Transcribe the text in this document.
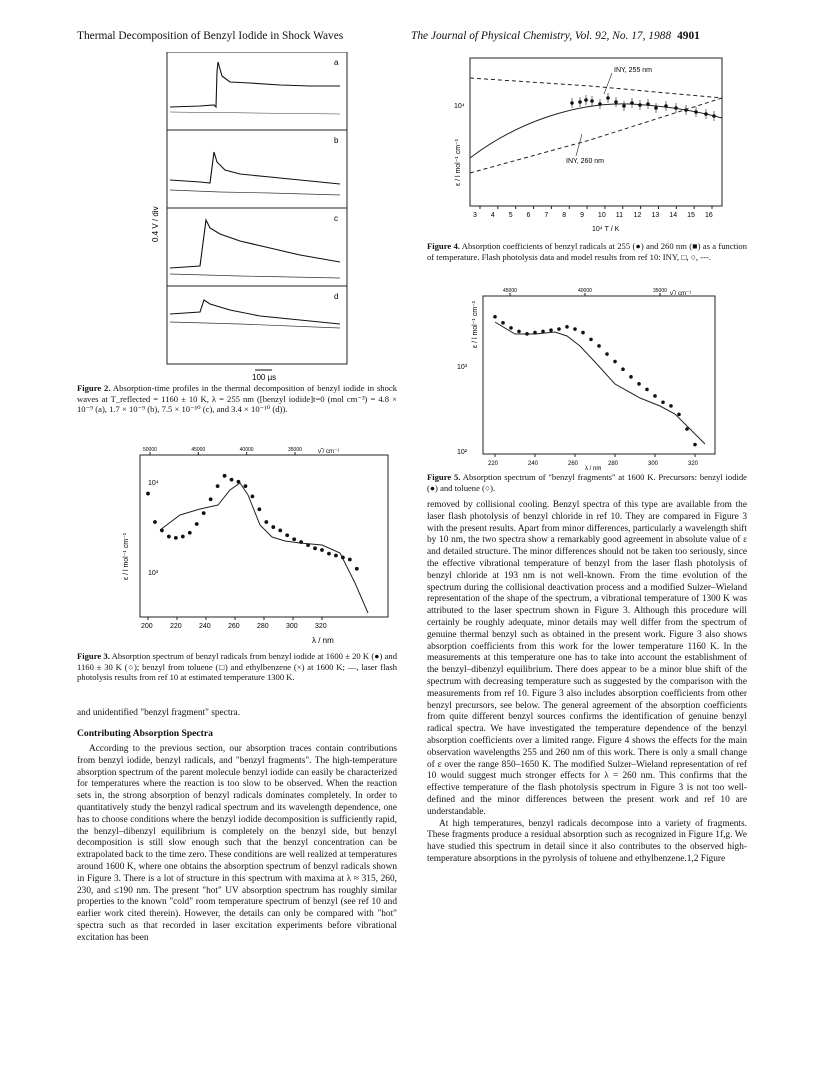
Thermal Decomposition of Benzyl Iodide in Shock Waves	The Journal of Physical Chemistry, Vol. 92, No. 17, 1988 4901
a
b
c
d
0.4 V / div
100 µs
Figure 2. Absorption-time profiles in the thermal decomposition of benzyl iodide in shock waves at T_reflected = 1160 ± 10 K, λ = 255 nm ([benzyl iodide]t=0 (mol cm⁻³) = 4.8 × 10⁻⁹ (a), 1.7 × 10⁻⁹ (b), 7.5 × 10⁻¹⁰ (c), and 3.4 × 10⁻¹⁰ (d)).
50000	45000	40000	35000
200 220 240 260 280 300 320
10⁴
10³
ε / l mol⁻¹ cm⁻¹
ν̃ / cm⁻¹
λ / nm
Figure 3. Absorption spectrum of benzyl radicals from benzyl iodide at 1600 ± 20 K (●) and 1160 ± 30 K (○); benzyl from toluene (□) and ethylbenzene (×) at 1600 K; —, laser flash photolysis results from ref 10 at estimated temperature 1300 K.
and unidentified "benzyl fragment" spectra.
Contributing Absorption Spectra

According to the previous section, our absorption traces contain contributions from benzyl iodide, benzyl radicals, and "benzyl fragments". The high-temperature absorption spectrum of the parent molecule benzyl iodide can easily be characterized for temperatures where the reaction is too slow to be observed. When the reaction sets in, the strong absorption of benzyl radicals dominates completely. In order to quantitatively study the benzyl radical spectrum and its wavelength dependence, one has to choose conditions where the benzyl iodide decomposition is sufficiently rapid, the benzyl–dibenzyl equilibrium is completely on the benzyl side, but benzyl decomposition is still slow enough such that the benzyl concentration can be extrapolated back to the time zero. These conditions are well realized at temperatures around 1600 K, where one obtains the absorption spectrum of benzyl radicals shown in Figure 3. There is a lot of structure in this spectrum with maxima at λ ≈ 315, 260, 230, and ≤190 nm. The present "hot" UV absorption spectrum has roughly similar properties to the known "cold" room temperature spectrum of benzyl (see ref 10 and earlier work cited therein). However, the details can only be compared with "hot" spectra such as that recorded in laser excitation experiments before vibrational excitation has been

3 4 5 6 7 8 9 10 11 12 13 14 15 16
INY, 255 nm
INY, 260 nm
10⁴
ε / l mol⁻¹ cm⁻¹
10⁴ T / K
Figure 4. Absorption coefficients of benzyl radicals at 255 (●) and 260 nm (■) as a function of temperature. Flash photolysis data and model results from ref 10: INY, □, ○, ---.
45000	40000	35000
220	240	260	280	300	320
10³
10²
ε / l mol⁻¹ cm⁻¹
ν̃ / cm⁻¹
λ / nm
Figure 5. Absorption spectrum of "benzyl fragments" at 1600 K. Precursors: benzyl iodide (●) and toluene (○).

removed by collisional cooling. Benzyl spectra of this type are available from the laser flash photolysis of benzyl chloride in ref 10. They are compared in Figure 3 with the present results. Apart from minor differences, particularly a wavelength shift by 10 nm, the two spectra show a remarkably good agreement in absolute value of ε and detailed structure. The minor differences should not be taken too seriously, since the effective vibrational temperature of benzyl from the laser flash photolysis of benzyl chloride at 193 nm is not well-known. From the time evolution of the spectrum during the collisional deactivation process and a modified Sulzer–Wieland representation of the shape of the spectrum, a vibrational temperature of 1300 K was attributed to the laser spectrum shown in Figure 3. Although this procedure will certainly be roughly adequate, minor details may well differ from the spectrum of genuine thermal benzyl such as obtained in the present work. Figure 3 also shows absorption coefficients from this work for the lower temperature 1160 K. In the measurements at this temperature one has to take into account the establishment of the benzyl–dibenzyl equilibrium. There does appear to be a minor blue shift of the spectrum with decreasing temperature such as suggested by the comparison with the measurements from ref 10. Figure 3 also includes absorption coefficients from other benzyl precursors, see below. The general agreement of the absorption coefficients from quite different benzyl sources confirms the identification of genuine benzyl radical spectra. We have investigated the temperature dependence of the benzyl absorption coefficients over a limited range. Figure 4 shows the effects for the main observation wavelengths 255 and 260 nm of this work. There is only a small change of ε over the range 850–1650 K. The modified Sulzer–Wieland representation of ref 10 would suggest much stronger effects for λ = 260 nm. This confirms that the effective temperature of the flash photolysis spectrum in Figure 3 is not too well-defined and the minor differences between the present work and ref 10 are understandable.

At high temperatures, benzyl radicals decompose into a variety of fragments. These fragments produce a residual absorption such as recognized in Figure 1f,g. We have studied this spectrum in detail since it also contributes to the observed high-temperature absorptions in the pyrolysis of toluene and ethylbenzene.1,2 Figure
